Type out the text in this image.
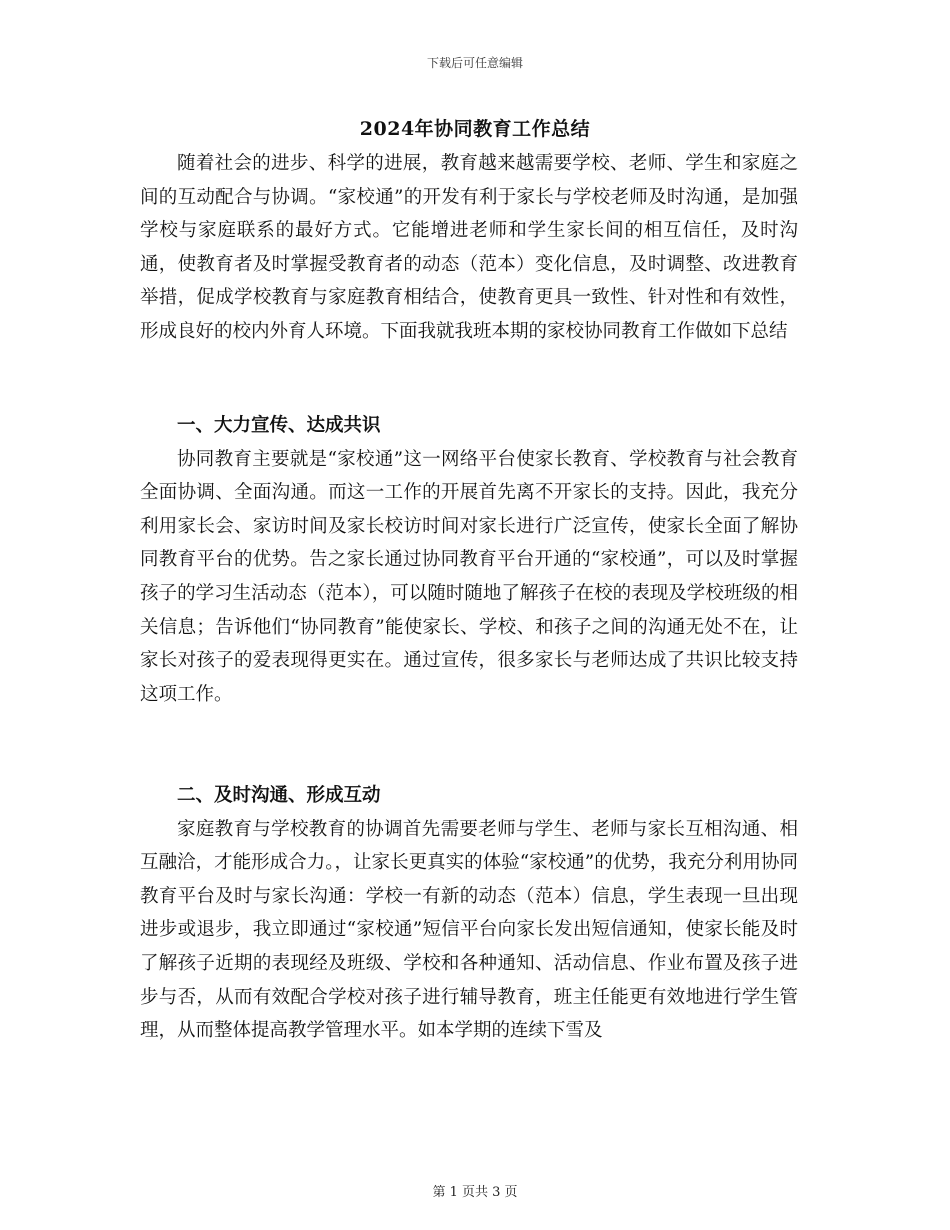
下载后可任意编辑
2024年协同教育工作总结

随着社会的进步、科学的进展，教育越来越需要学校、老师、学生和家庭之间的互动配合与协调。“家校通”的开发有利于家长与学校老师及时沟通，是加强学校与家庭联系的最好方式。它能增进老师和学生家长间的相互信任，及时沟通，使教育者及时掌握受教育者的动态（范本）变化信息，及时调整、改进教育举措，促成学校教育与家庭教育相结合，使教育更具一致性、针对性和有效性，形成良好的校内外育人环境。下面我就我班本期的家校协同教育工作做如下总结

一、大力宣传、达成共识

协同教育主要就是“家校通”这一网络平台使家长教育、学校教育与社会教育全面协调、全面沟通。而这一工作的开展首先离不开家长的支持。因此，我充分利用家长会、家访时间及家长校访时间对家长进行广泛宣传，使家长全面了解协同教育平台的优势。告之家长通过协同教育平台开通的“家校通”，可以及时掌握孩子的学习生活动态（范本），可以随时随地了解孩子在校的表现及学校班级的相关信息；告诉他们“协同教育”能使家长、学校、和孩子之间的沟通无处不在，让家长对孩子的爱表现得更实在。通过宣传，很多家长与老师达成了共识比较支持这项工作。

二、及时沟通、形成互动

家庭教育与学校教育的协调首先需要老师与学生、老师与家长互相沟通、相互融洽，才能形成合力。，让家长更真实的体验“家校通”的优势，我充分利用协同教育平台及时与家长沟通：学校一有新的动态（范本）信息，学生表现一旦出现进步或退步，我立即通过“家校通”短信平台向家长发出短信通知，使家长能及时了解孩子近期的表现经及班级、学校和各种通知、活动信息、作业布置及孩子进步与否，从而有效配合学校对孩子进行辅导教育，班主任能更有效地进行学生管理，从而整体提高教学管理水平。如本学期的连续下雪及

第 1 页共 3 页
